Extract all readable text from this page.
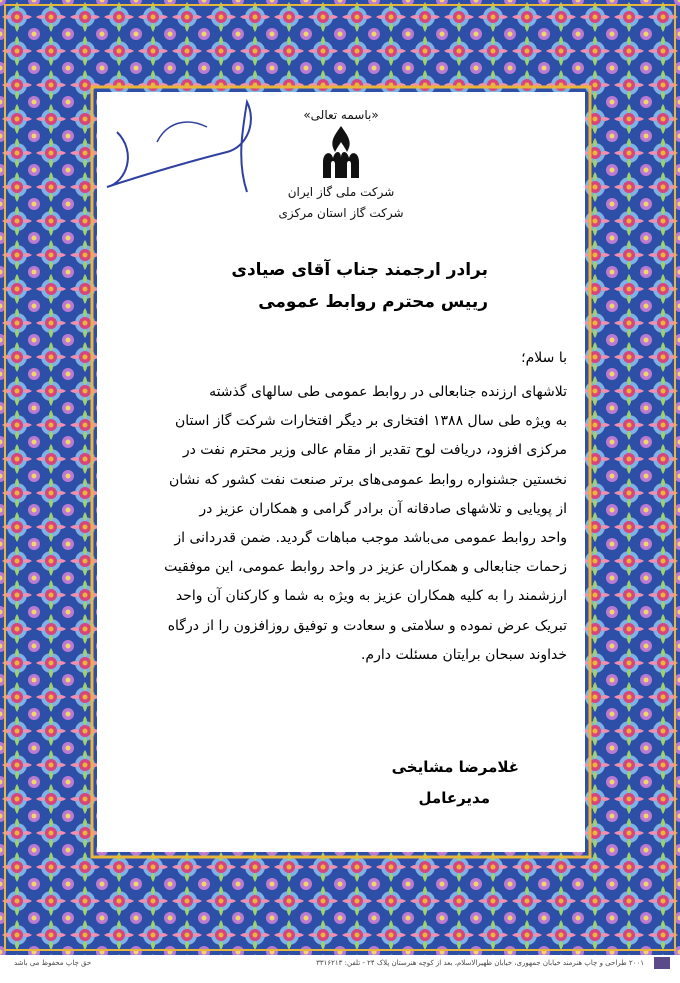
«باسمه تعالی»
شرکت ملی گاز ایران
شرکت گاز استان مرکزی
برادر ارجمند جناب آقای صیادی
رییس محترم روابط عمومی
با سلام؛

تلاشهای ارزنده جنابعالی در روابط عمومی طی سالهای گذشته

به ویژه طی سال ۱۳۸۸ افتخاری بر دیگر افتخارات شرکت گاز استان

مرکزی افزود، دریافت لوح تقدیر از مقام عالی وزیر محترم نفت در

نخستین جشنواره روابط عمومی‌های برتر صنعت نفت کشور که نشان

از پویایی و تلاشهای صادقانه آن برادر گرامی و همکاران عزیز در

واحد روابط عمومی می‌باشد موجب مباهات گردید. ضمن قدردانی از

زحمات جنابعالی و همکاران عزیز در واحد روابط عمومی، این موفقیت

ارزشمند را به کلیه همکاران عزیز به ویژه به شما و کارکنان آن واحد

تبریک عرض نموده و سلامتی و سعادت و توفیق روزافزون را از درگاه

خداوند سبحان برایتان مسئلت دارم.

غلامرضا مشایخی
مدیرعامل
۲۰۰۱ طراحی و چاپ هنرمند خیابان جمهوری، خیابان ظهیرالاسلام، بعد از کوچه هنرستان پلاک ۲۴ - تلفن: ۳۳۱۶۲۱۳
حق چاپ محفوظ می باشد
